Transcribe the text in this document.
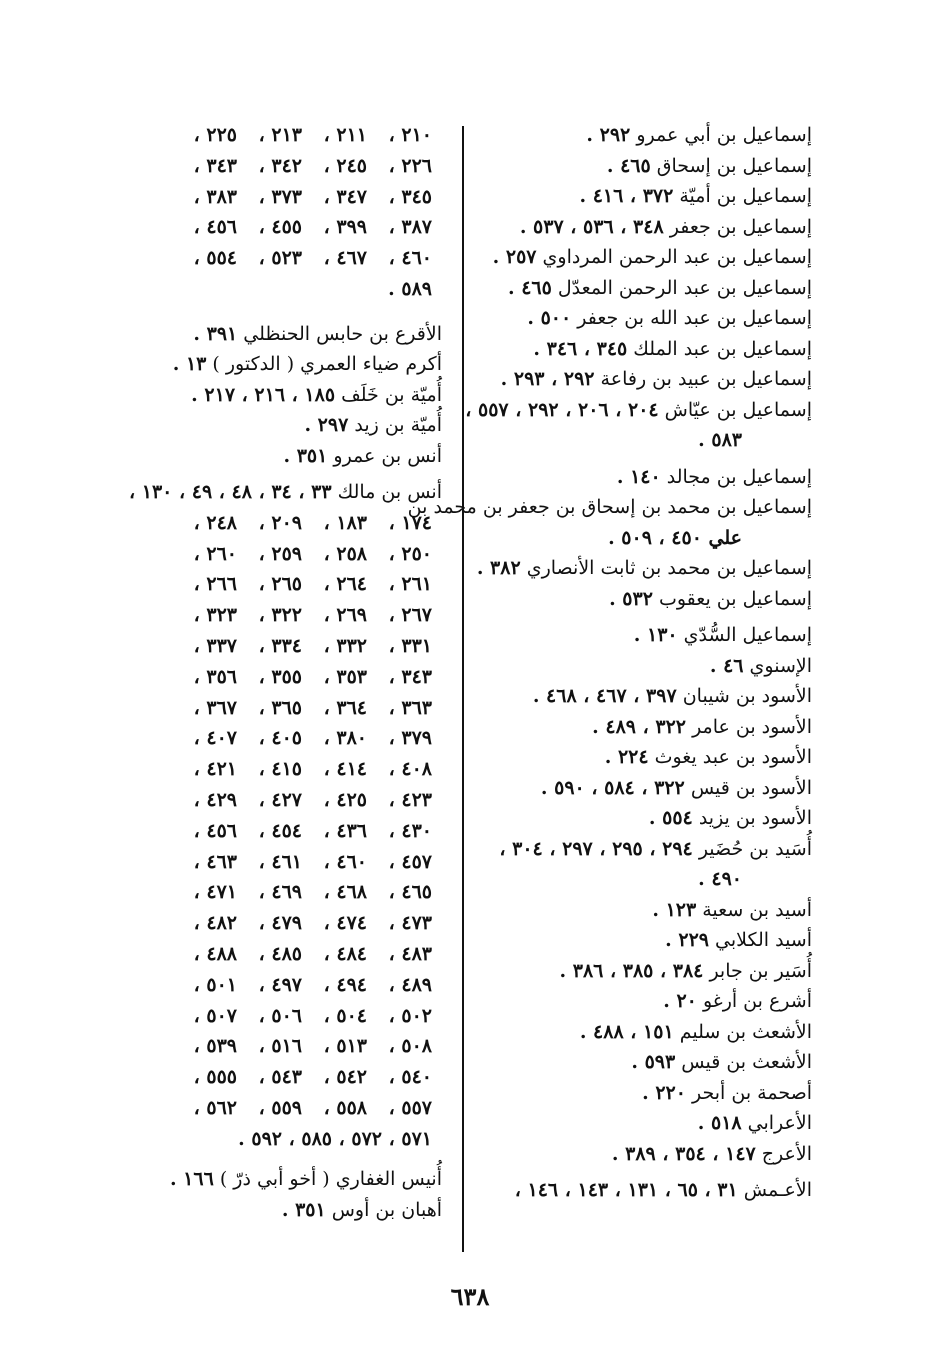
إسماعيل بن أبي عمرو ٢٩٢ .
إسماعيل بن إسحاق ٤٦٥ .
إسماعيل بن أميّة ٣٧٢ ، ٤١٦ .
إسماعيل بن جعفر ٣٤٨ ، ٥٣٦ ، ٥٣٧ .
إسماعيل بن عبد الرحمن المرداوي ٢٥٧ .
إسماعيل بن عبد الرحمن المعدّل ٤٦٥ .
إسماعيل بن عبد الله بن جعفر ٥٠٠ .
إسماعيل بن عبد الملك ٣٤٥ ، ٣٤٦ .
إسماعيل بن عبيد بن رفاعة ٢٩٢ ، ٢٩٣ .
إسماعيل بن عيّاش ٢٠٤ ، ٢٠٦ ، ٢٩٢ ، ٥٥٧ ،
٥٨٣ .
إسماعيل بن مجالد ١٤٠ .
إسماعيل بن محمد بن إسحاق بن جعفر بن محمد بن
علي ٤٥٠ ، ٥٠٩ .
إسماعيل بن محمد بن ثابت الأنصاري ٣٨٢ .
إسماعيل بن يعقوب ٥٣٢ .
إسماعيل السُّدّي ١٣٠ .
الإسنوي ٤٦ .
الأسود بن شيبان ٣٩٧ ، ٤٦٧ ، ٤٦٨ .
الأسود بن عامر ٣٢٢ ، ٤٨٩ .
الأسود بن عبد يغوث ٢٢٤ .
الأسود بن قيس ٣٢٢ ، ٥٨٤ ، ٥٩٠ .
الأسود بن يزيد ٥٥٤ .
أُسَيد بن حُضَير ٢٩٤ ، ٢٩٥ ، ٢٩٧ ، ٣٠٤ ،
٤٩٠ .
أسيد بن سعية ١٢٣ .
أسيد الكلابي ٢٢٩ .
أُسَير بن جابر ٣٨٤ ، ٣٨٥ ، ٣٨٦ .
أشرع بن أرغو ٢٠ .
الأشعث بن سليم ١٥١ ، ٤٨٨ .
الأشعث بن قيس ٥٩٣ .
أصحمة بن أبحر ٢٢٠ .
الأعرابي ٥١٨ .
الأعرج ١٤٧ ، ٣٥٤ ، ٣٨٩ .
الأعـمش ٣١ ، ٦٥ ، ١٣١ ، ١٤٣ ، ١٤٦ ،
٢١٠ ،
٢١١ ،
٢١٣ ،
٢٢٥ ،
٢٢٦ ،
٢٤٥ ،
٣٤٢ ،
٣٤٣ ،
٣٤٥ ،
٣٤٧ ،
٣٧٣ ،
٣٨٣ ،
٣٨٧ ،
٣٩٩ ،
٤٥٥ ،
٤٥٦ ،
٤٦٠ ،
٤٦٧ ،
٥٢٣ ،
٥٥٤ ،
٥٨٩ .
الأقرع بن حابس الحنظلي ٣٩١ .
أكرم ضياء العمري ( الدكتور ) ١٣ .
أُميّة بن خَلَف ١٨٥ ، ٢١٦ ، ٢١٧ .
أُميّة بن زيد ٢٩٧ .
أنس بن عمرو ٣٥١ .
أنس بن مالك ٣٣ ، ٣٤ ، ٤٨ ، ٤٩ ، ١٣٠ ،
١٧٤ ،
١٨٣ ،
٢٠٩ ،
٢٤٨ ،
٢٥٠ ،
٢٥٨ ،
٢٥٩ ،
٢٦٠ ،
٢٦١ ،
٢٦٤ ،
٢٦٥ ،
٢٦٦ ،
٢٦٧ ،
٢٦٩ ،
٣٢٢ ،
٣٢٣ ،
٣٣١ ،
٣٣٢ ،
٣٣٤ ،
٣٣٧ ،
٣٤٣ ،
٣٥٣ ،
٣٥٥ ،
٣٥٦ ،
٣٦٣ ،
٣٦٤ ،
٣٦٥ ،
٣٦٧ ،
٣٧٩ ،
٣٨٠ ،
٤٠٥ ،
٤٠٧ ،
٤٠٨ ،
٤١٤ ،
٤١٥ ،
٤٢١ ،
٤٢٣ ،
٤٢٥ ،
٤٢٧ ،
٤٢٩ ،
٤٣٠ ،
٤٣٦ ،
٤٥٤ ،
٤٥٦ ،
٤٥٧ ،
٤٦٠ ،
٤٦١ ،
٤٦٣ ،
٤٦٥ ،
٤٦٨ ،
٤٦٩ ،
٤٧١ ،
٤٧٣ ،
٤٧٤ ،
٤٧٩ ،
٤٨٢ ،
٤٨٣ ،
٤٨٤ ،
٤٨٥ ،
٤٨٨ ،
٤٨٩ ،
٤٩٤ ،
٤٩٧ ،
٥٠١ ،
٥٠٢ ،
٥٠٤ ،
٥٠٦ ،
٥٠٧ ،
٥٠٨ ،
٥١٣ ،
٥١٦ ،
٥٣٩ ،
٥٤٠ ،
٥٤٢ ،
٥٤٣ ،
٥٥٥ ،
٥٥٧ ،
٥٥٨ ،
٥٥٩ ،
٥٦٢ ،
٥٧١ ، ٥٧٢ ، ٥٨٥ ، ٥٩٢ .
أُنيس الغفاري ( أخو أبي ذرّ ) ١٦٦ .
أهبان بن أوس ٣٥١ .
٦٣٨
